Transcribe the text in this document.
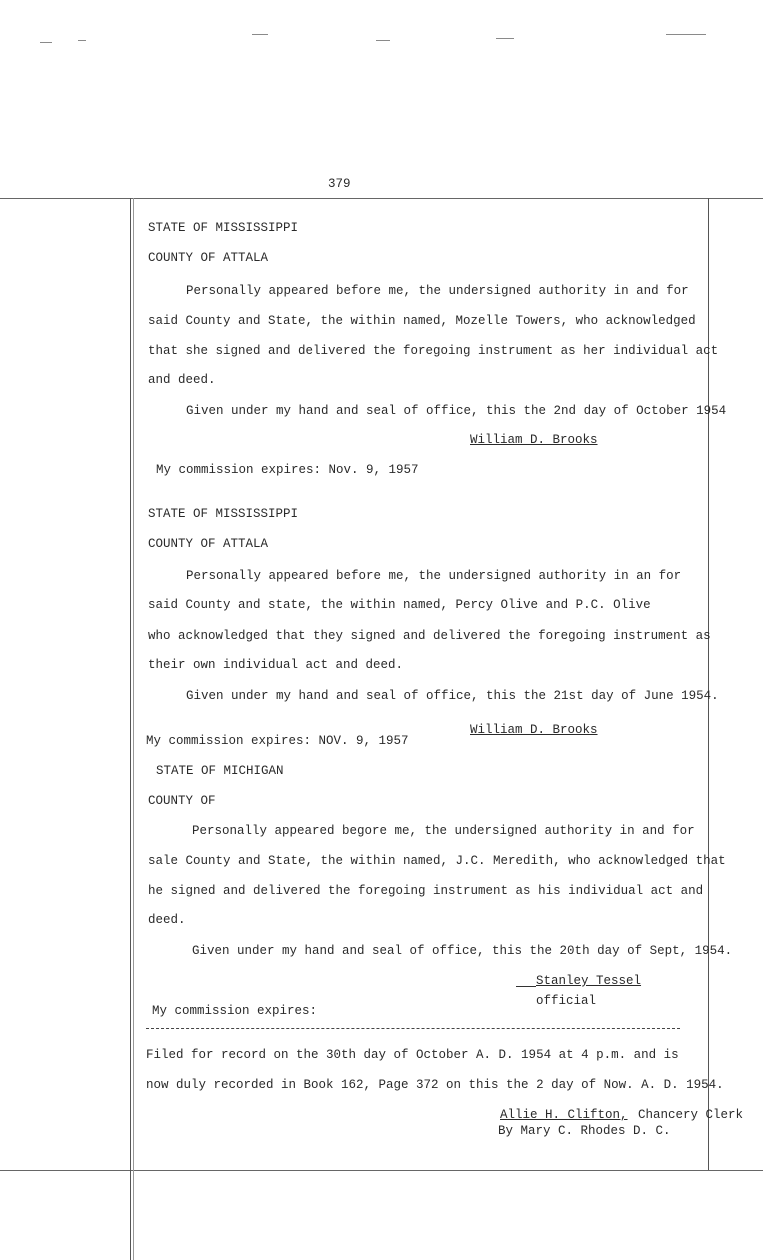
379
STATE OF MISSISSIPPI
COUNTY OF ATTALA
Personally appeared before me, the undersigned authority in and for
said County and State, the within named, Mozelle Towers, who acknowledged
that she signed and delivered the foregoing instrument as her individual act
and deed.
Given under my hand and seal of office, this the 2nd day of October 1954
William D. Brooks
My commission expires: Nov. 9, 1957
STATE OF MISSISSIPPI
COUNTY OF ATTALA
Personally appeared before me, the undersigned authority in an for
said County and state, the within named, Percy Olive and P.C. Olive
who acknowledged that they signed and delivered the foregoing instrument as
their own individual act and deed.
Given under my hand and seal of office, this the 21st day of June 1954.
William D. Brooks
My commission expires: NOV. 9, 1957
STATE OF MICHIGAN
COUNTY OF
Personally appeared begore me, the undersigned authority in and for
sale County and State, the within named, J.C. Meredith, who acknowledged that
he signed and delivered the foregoing instrument as his individual act and
deed.
Given under my hand and seal of office, this the 20th day of Sept, 1954.
Stanley Tessel
official
My commission expires:
Filed for record on the 30th day of October A. D. 1954 at 4 p.m. and is
now duly recorded in Book 162, Page 372 on this the 2 day of Now. A. D. 1954.
Allie H. Clifton, Chancery Clerk
By Mary C. Rhodes D. C.
